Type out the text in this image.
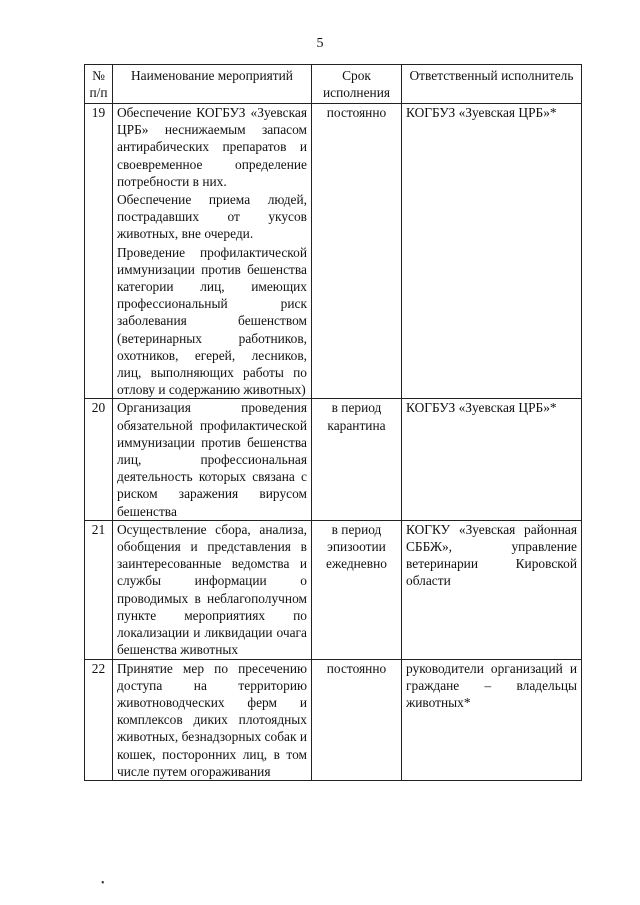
5
№ п/п	Наименование мероприятий	Срок исполнения	Ответственный исполнитель
19	Обеспечение КОГБУЗ «Зуевская ЦРБ» неснижаемым запасом антирабических препаратов и своевременное определение потребности в них.
Обеспечение приема людей, пострадавших от укусов животных, вне очереди.
Проведение профилактической иммунизации против бешенства категории лиц, имеющих профессиональный риск заболевания бешенством (ветеринарных работников, охотников, егерей, лесников, лиц, выполняющих работы по отлову и содержанию животных)	постоянно	КОГБУЗ «Зуевская ЦРБ»*
20	Организация проведения обязательной профилактической иммунизации против бешенства лиц, профессиональная деятельность которых связана с риском заражения вирусом бешенства	в период карантина	КОГБУЗ «Зуевская ЦРБ»*
21	Осуществление сбора, анализа, обобщения и представления в заинтересованные ведомства и службы информации о проводимых в неблагополучном пункте мероприятиях по локализации и ликвидации очага бешенства животных	в период эпизоотии ежедневно	КОГКУ «Зуевская районная СББЖ», управление ветеринарии Кировской области
22	Принятие мер по пресечению доступа на территорию животноводческих ферм и комплексов диких плотоядных животных, безнадзорных собак и кошек, посторонних лиц, в том числе путем огораживания	постоянно	руководители организаций и граждане – владельцы животных*
•
